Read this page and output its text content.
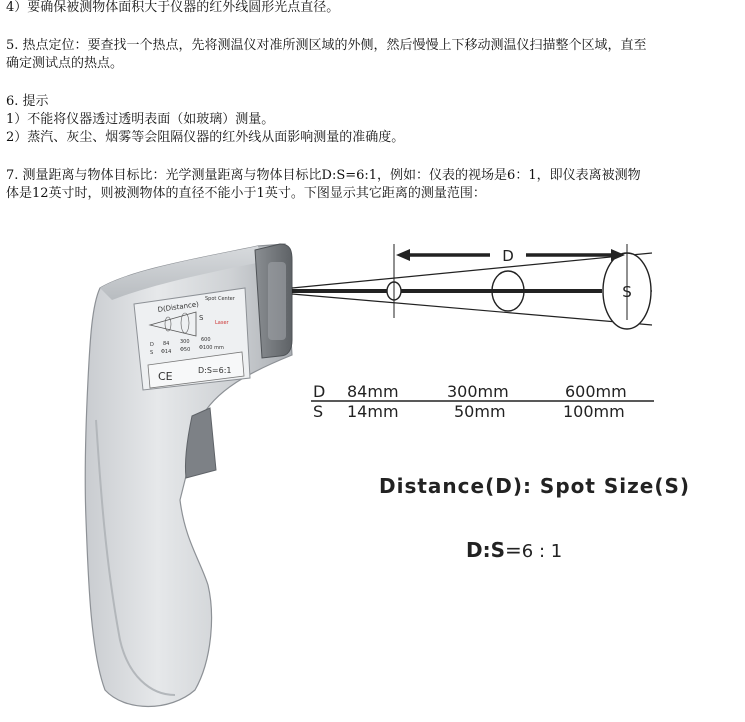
4）要确保被测物体面积大于仪器的红外线圆形光点直径。
5. 热点定位：要查找一个热点，先将测温仪对准所测区域的外侧，然后慢慢上下移动测温仪扫描整个区域，直至
确定测试点的热点。
6. 提示
1）不能将仪器透过透明表面（如玻璃）测量。
2）蒸汽、灰尘、烟雾等会阻隔仪器的红外线从面影响测量的准确度。
7. 测量距离与物体目标比：光学测量距离与物体目标比D:S=6:1，例如：仪表的视场是6：1，即仪表离被测物
体是12英寸时，则被测物体的直径不能小于1英寸。下图显示其它距离的测量范围：
D(Distance)
Spot Center
Laser
S
D 84 300 600
S Φ14 Φ50 Φ100 mm
CE	D:S=6:1
D
S
D 84mm	300mm	600mm
S 14mm	50mm	100mm
Distance(D): Spot Size(S)
D:S=6 : 1
